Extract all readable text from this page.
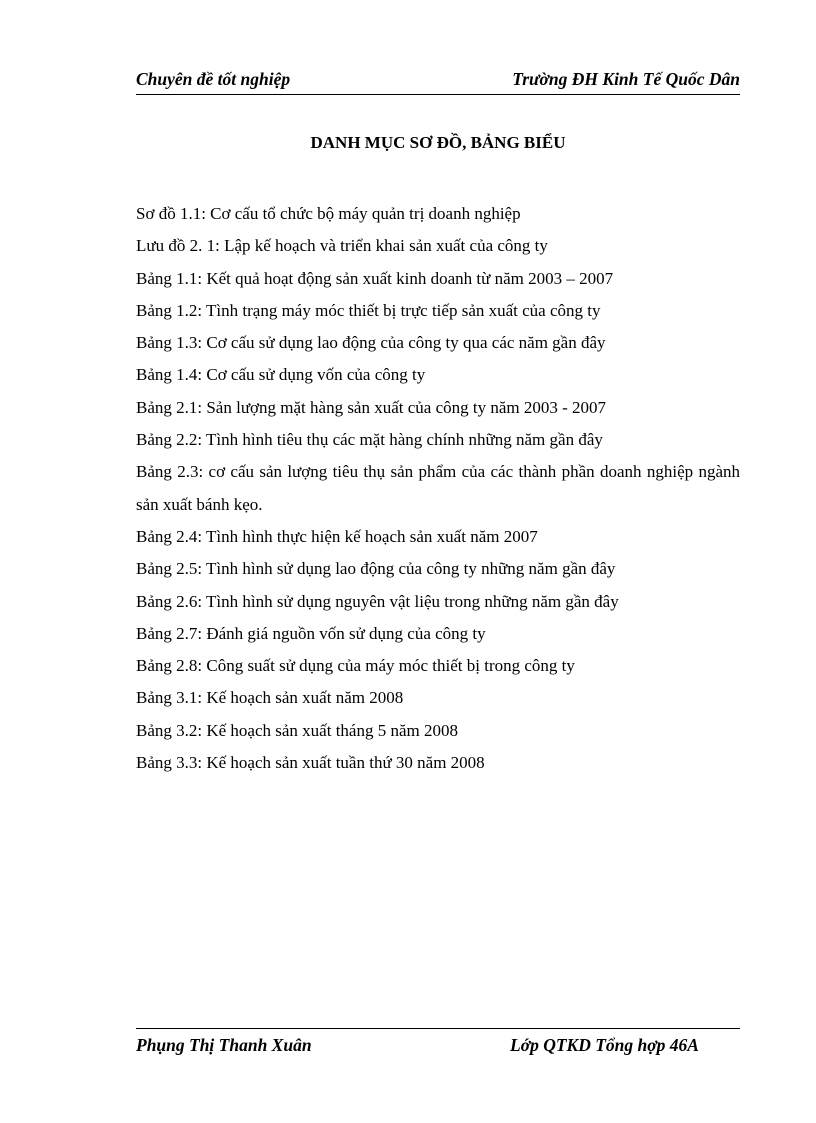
Chuyên đề tốt nghiệp	Trường ĐH Kinh Tế Quốc Dân
DANH MỤC SƠ ĐỒ, BẢNG BIỂU
Sơ đồ 1.1: Cơ cấu tổ chức bộ máy quản trị doanh nghiệp
Lưu đồ 2. 1: Lập kế hoạch và triển khai sản xuất của công ty
Bảng 1.1: Kết quả hoạt động sản xuất kinh doanh từ năm 2003 – 2007
Bảng 1.2: Tình trạng máy móc thiết bị trực tiếp sản xuất của công ty
Bảng 1.3: Cơ cấu sử dụng lao động của công ty qua các năm gần đây
Bảng 1.4: Cơ cấu sử dụng vốn của công ty
Bảng 2.1: Sản lượng mặt hàng sản xuất của công ty năm 2003 - 2007
Bảng 2.2: Tình hình tiêu thụ các mặt hàng chính những năm gần đây
Bảng 2.3: cơ cấu sản lượng tiêu thụ sản phẩm của các thành phần doanh nghiệp ngành sản xuất bánh kẹo.
Bảng 2.4: Tình hình thực hiện kế hoạch sản xuất năm 2007
Bảng 2.5: Tình hình sử dụng lao động của công ty những năm gần đây
Bảng 2.6: Tình hình sử dụng nguyên vật liệu trong những năm gần đây
Bảng 2.7: Đánh giá nguồn vốn sử dụng của công ty
Bảng 2.8: Công suất sử dụng của máy móc thiết bị trong công ty
Bảng 3.1: Kế hoạch sản xuất năm 2008
Bảng 3.2: Kế hoạch sản xuất tháng 5 năm 2008
Bảng 3.3: Kế hoạch sản xuất tuần thứ 30 năm 2008
Phụng Thị Thanh Xuân	Lớp QTKD Tổng hợp 46A
